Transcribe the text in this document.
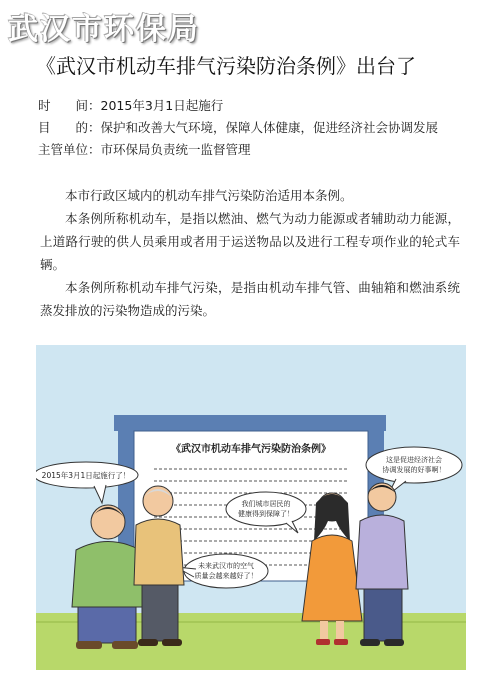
武汉市环保局
《武汉市机动车排气污染防治条例》出台了
时　　间：2015年3月1日起施行
目　　的：保护和改善大气环境，保障人体健康，促进经济社会协调发展
主管单位：市环保局负责统一监督管理

本市行政区域内的机动车排气污染防治适用本条例。

本条例所称机动车，是指以燃油、燃气为动力能源或者辅助动力能源，上道路行驶的供人员乘用或者用于运送物品以及进行工程专项作业的轮式车辆。

本条例所称机动车排气污染，是指由机动车排气管、曲轴箱和燃油系统蒸发排放的污染物造成的污染。

《武汉市机动车排气污染防治条例》
2015年3月1日起施行了！
这是促进经济社会
协调发展的好事啊！
我们城市居民的
健康得到保障了！
未来武汉市的空气
质量会越来越好了！
